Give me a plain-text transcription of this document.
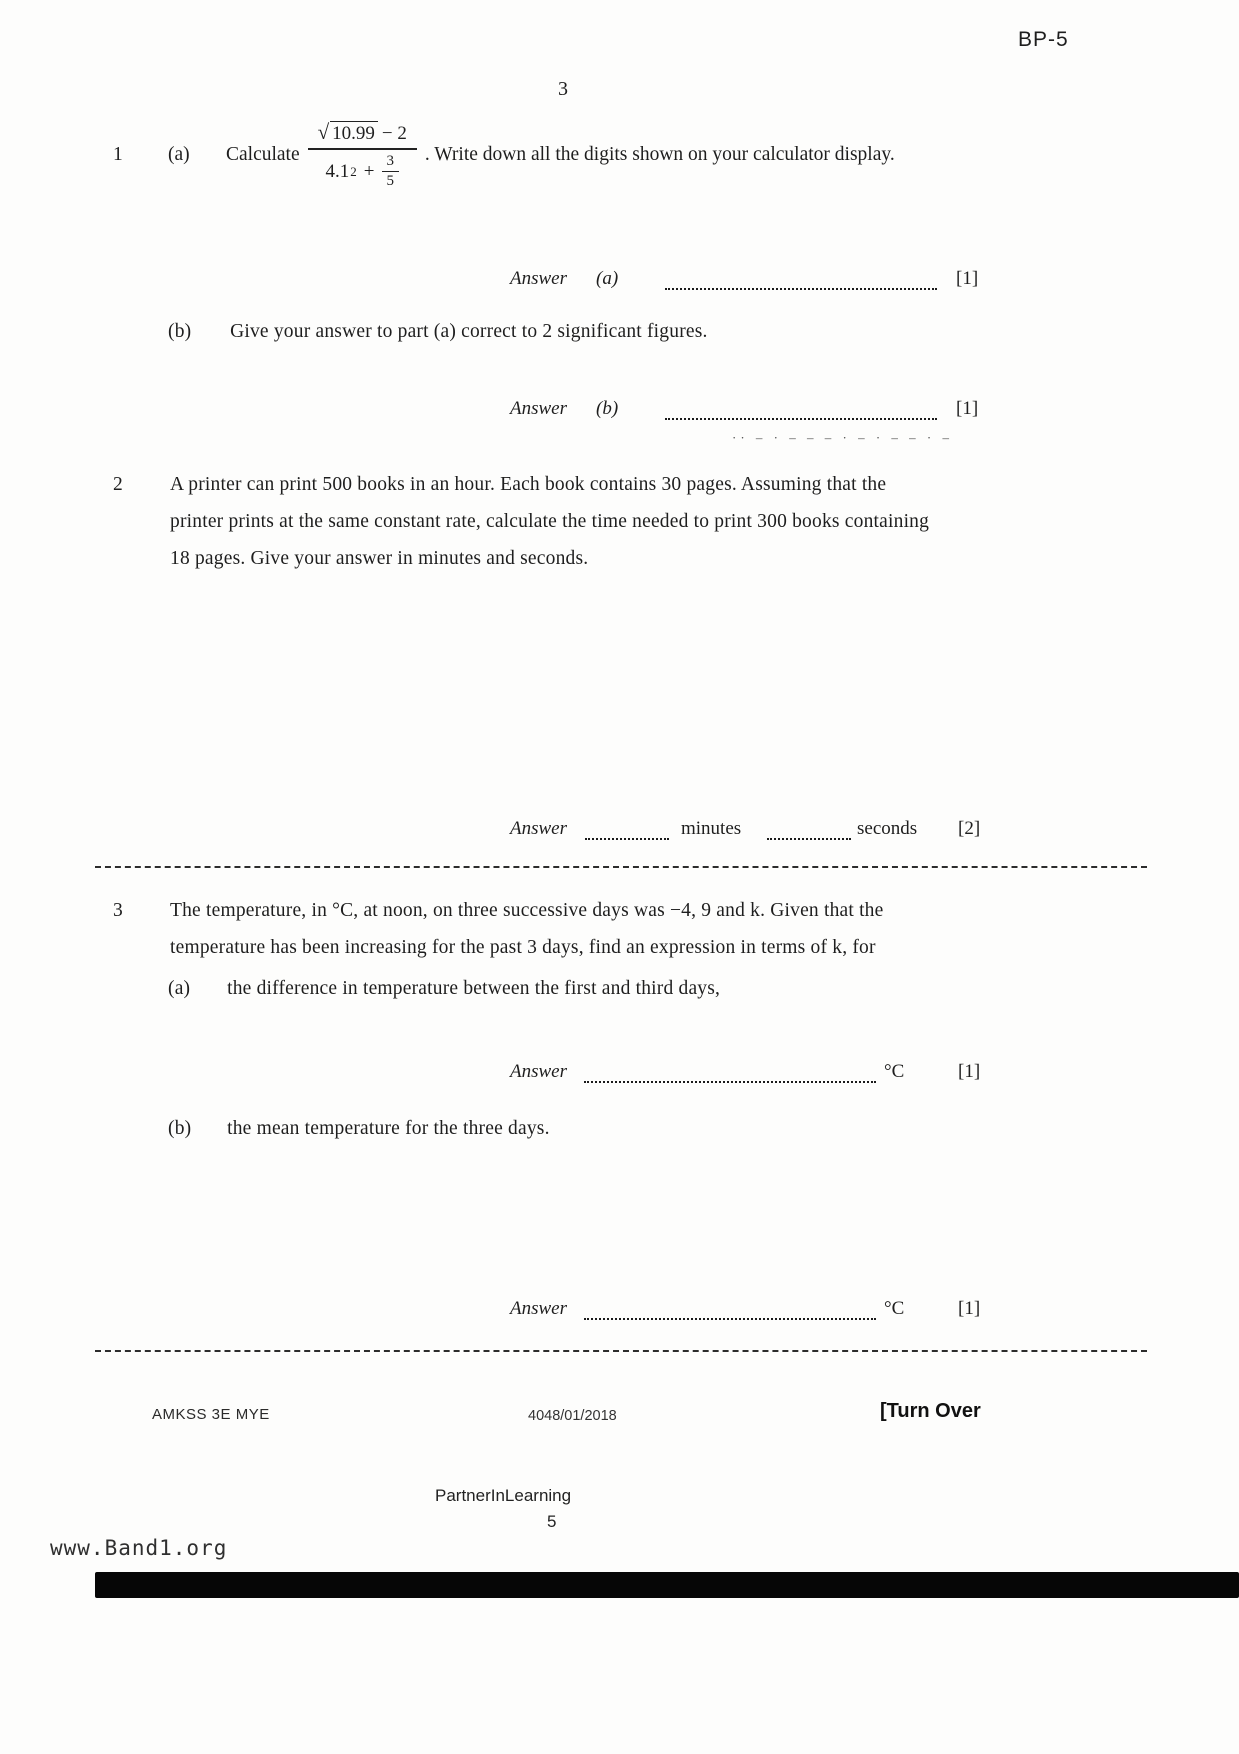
BP-5
3
1	(a)	Calculate $\frac{√ 10.99 - 2}{4.1 2 + \frac{3}{5}}$ . Write down all the digits shown on your calculator display.
Answer (a)	[1]
(b) Give your answer to part (a) correct to 2 significant figures.
Answer (b)	[1]
·· – · – – – · – · – – · –
2 A printer can print 500 books in an hour. Each book contains 30 pages. Assuming that the
printer prints at the same constant rate, calculate the time needed to print 300 books containing
18 pages. Give your answer in minutes and seconds.
Answer	minutes	seconds [2]
3 The temperature, in °C, at noon, on three successive days was −4, 9 and k. Given that the
temperature has been increasing for the past 3 days, find an expression in terms of k, for
(a) the difference in temperature between the first and third days,
Answer	°C	[1]
(b) the mean temperature for the three days.
Answer	°C	[1]
AMKSS 3E MYE	4048/01/2018	[Turn Over
PartnerInLearning
5
www.Band1.org
